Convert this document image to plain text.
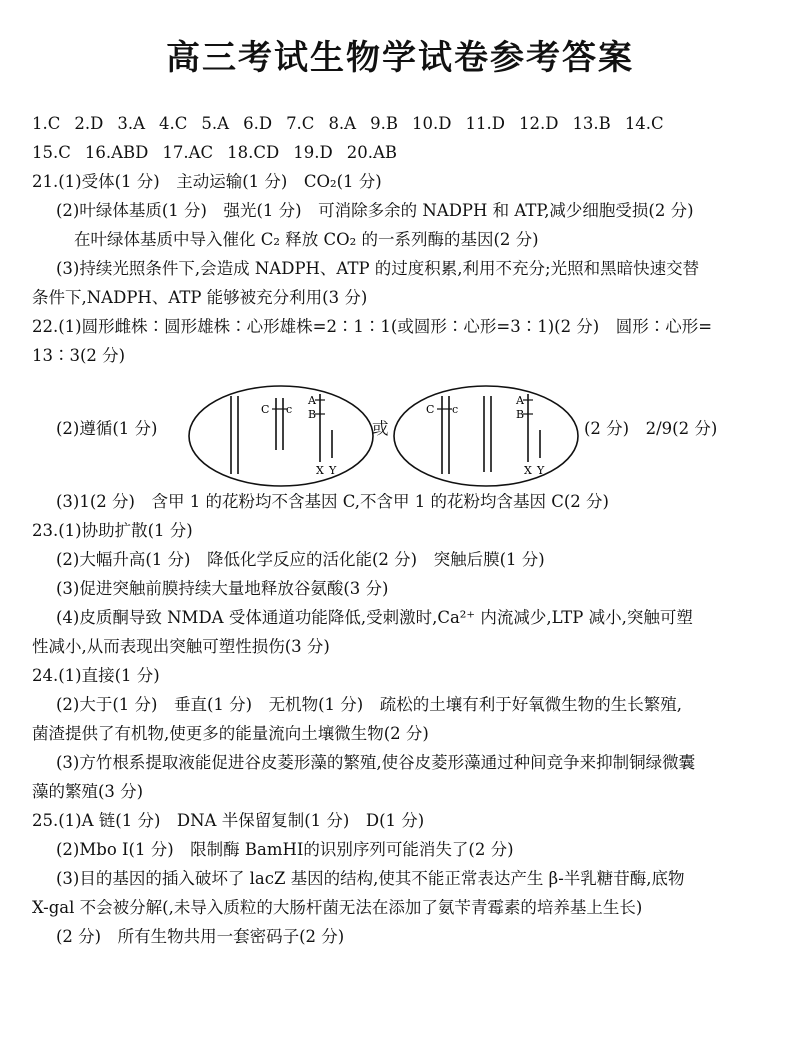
高三考试生物学试卷参考答案
1.C 2.D 3.A 4.C 5.A 6.D 7.C 8.A 9.B 10.D 11.D 12.D 13.B 14.C
15.C 16.ABD 17.AC 18.CD 19.D 20.AB
21.(1)受体(1 分)　主动运输(1 分)　CO₂(1 分)
(2)叶绿体基质(1 分)　强光(1 分)　可消除多余的 NADPH 和 ATP,减少细胞受损(2 分)
在叶绿体基质中导入催化 C₂ 释放 CO₂ 的一系列酶的基因(2 分)
(3)持续光照条件下,会造成 NADPH、ATP 的过度积累,利用不充分;光照和黑暗快速交替
条件下,NADPH、ATP 能够被充分利用(3 分)
22.(1)圆形雌株∶圆形雄株∶心形雄株=2∶1∶1(或圆形∶心形=3∶1)(2 分)　圆形∶心形=
13∶3(2 分)
(2)遵循(1 分)	或	(2 分)　2/9(2 分)
C c
A
B
X Y
C c
A
B
X Y
(3)1(2 分)　含甲 1 的花粉均不含基因 C,不含甲 1 的花粉均含基因 C(2 分)
23.(1)协助扩散(1 分)
(2)大幅升高(1 分)　降低化学反应的活化能(2 分)　突触后膜(1 分)
(3)促进突触前膜持续大量地释放谷氨酸(3 分)
(4)皮质酮导致 NMDA 受体通道功能降低,受刺激时,Ca²⁺ 内流减少,LTP 减小,突触可塑
性减小,从而表现出突触可塑性损伤(3 分)
24.(1)直接(1 分)
(2)大于(1 分)　垂直(1 分)　无机物(1 分)　疏松的土壤有利于好氧微生物的生长繁殖,
菌渣提供了有机物,使更多的能量流向土壤微生物(2 分)
(3)方竹根系提取液能促进谷皮菱形藻的繁殖,使谷皮菱形藻通过种间竞争来抑制铜绿微囊
藻的繁殖(3 分)
25.(1)A 链(1 分)　DNA 半保留复制(1 分)　D(1 分)
(2)Mbo Ⅰ(1 分)　限制酶 BamHⅠ的识别序列可能消失了(2 分)
(3)目的基因的插入破坏了 lacZ 基因的结构,使其不能正常表达产生 β-半乳糖苷酶,底物
X-gal 不会被分解(,未导入质粒的大肠杆菌无法在添加了氨苄青霉素的培养基上生长)
(2 分)　所有生物共用一套密码子(2 分)
